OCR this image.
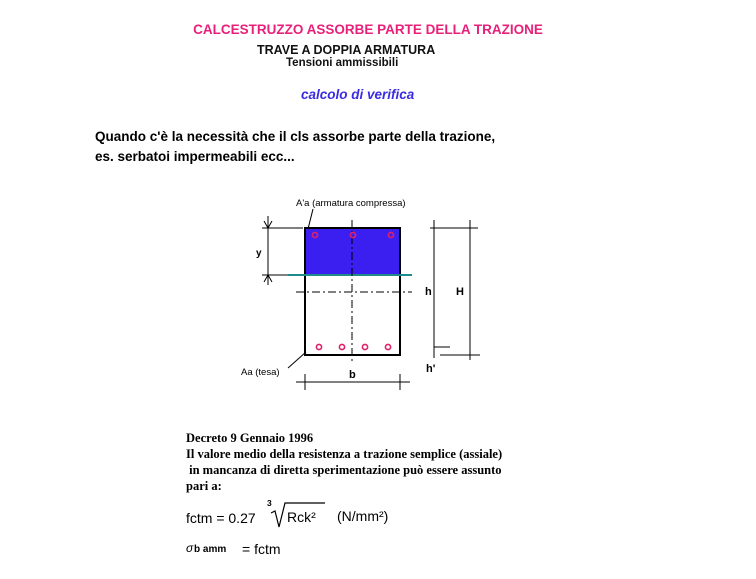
CALCESTRUZZO ASSORBE PARTE DELLA TRAZIONE
TRAVE A DOPPIA ARMATURA
Tensioni ammissibili
calcolo di verifica
Quando c'è la necessità che il cls assorbe parte della trazione,
es. serbatoi impermeabili ecc...
A'a (armatura compressa)
Aa (tesa)
y
h H
h'
b
fctm = 0.27
3
Rck² (N/mm²)
σ b amm = fctm
Decreto 9 Gennaio 1996
Il valore medio della resistenza a trazione semplice (assiale)
in mancanza di diretta sperimentazione può essere assunto
pari a:
